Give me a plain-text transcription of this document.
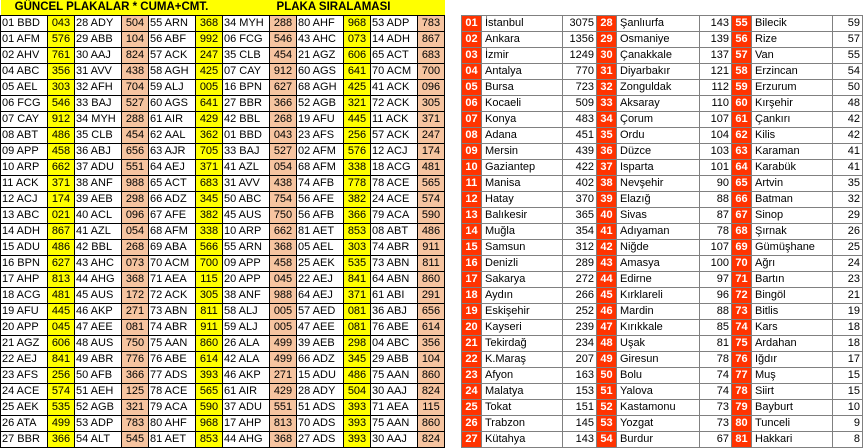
GÜNCEL PLAKALAR * CUMA+CMT.						PLAKA SIRALAMASI					
01 BBD	043	28 ADY	504	55 ARN	368	34 MYH	288	80 AHF	968	53 ADP	783
01 AFM	576	29 ABB	104	56 ABF	992	06 FCG	546	43 AHC	073	14 ADH	867
02 AHV	761	30 AAJ	824	57 ACK	247	35 CLB	454	21 AGZ	606	65 ACT	683
04 ABC	356	31 AVV	438	58 AGH	425	07 CAY	912	60 AGS	641	70 ACM	700
05 AEL	303	32 AFH	704	59 ALJ	005	16 BPN	627	68 AGH	425	41 ACK	096
06 FCG	546	33 BAJ	527	60 AGS	641	27 BBR	366	52 AGB	321	72 ACK	305
07 CAY	912	34 MYH	288	61 AIR	429	42 BBL	268	19 AFU	445	11 ACK	371
08 ABT	486	35 CLB	454	62 AAL	362	01 BBD	043	23 AFS	256	57 ACK	247
09 APP	458	36 ABJ	656	63 AJR	705	33 BAJ	527	02 AFM	576	12 ACJ	174
10 ARP	662	37 ADU	551	64 AEJ	371	41 AZL	054	68 AFM	338	18 ACG	481
11 ACK	371	38 ANF	988	65 ACT	683	31 AVV	438	74 AFB	778	78 ACE	565
12 ACJ	174	39 AEB	298	66 ADZ	345	50 ABC	754	56 AFE	382	24 ACE	574
13 ABC	021	40 ACL	096	67 AFE	382	45 AUS	750	56 AFB	366	79 ACA	590
14 ADH	867	41 AZL	054	68 AFM	338	10 ARP	662	81 AET	853	08 ABT	486
15 ADU	486	42 BBL	268	69 ABA	566	55 ARN	368	05 AEL	303	74 ABR	911
16 BPN	627	43 AHC	073	70 ACM	700	09 APP	458	25 AEK	535	73 ABN	811
17 AHP	813	44 AHG	368	71 AEA	115	20 APP	045	22 AEJ	841	64 ABN	860
18 ACG	481	45 AUS	172	72 ACK	305	38 ANF	988	64 AEJ	371	61 ABI	291
19 AFU	445	46 AKP	271	73 ABN	811	58 ALJ	005	57 AED	081	36 ABJ	656
20 APP	045	47 AEE	081	74 ABR	911	59 ALJ	005	47 AEE	081	76 ABE	614
21 AGZ	606	48 AUS	750	75 AAN	860	26 ALA	499	39 AEB	298	04 ABC	356
22 AEJ	841	49 ABR	776	76 ABE	614	42 ALA	499	66 ADZ	345	29 ABB	104
23 AFS	256	50 AFB	366	77 ADS	393	46 AKP	271	15 ADU	486	75 AAN	860
24 ACE	574	51 AEH	125	78 ACE	565	61 AIR	429	28 ADY	504	30 AAJ	824
25 AEK	535	52 AGB	321	79 ACA	590	37 ADU	551	51 ADS	393	71 AEA	115
26 ATA	499	53 ADP	783	80 AHF	968	17 AHP	813	70 ADS	393	75 AAN	860
27 BBR	366	54 ALT	545	81 AET	853	44 AHG	368	27 ADS	393	30 AAJ	824

01	İstanbul	3075	28	Şanlıurfa	143	55	Bilecik	59
02	Ankara	1356	29	Osmaniye	139	56	Rize	57
03	İzmir	1249	30	Çanakkale	137	57	Van	55
04	Antalya	770	31	Diyarbakır	121	58	Erzincan	54
05	Bursa	723	32	Zonguldak	112	59	Erzurum	50
06	Kocaeli	509	33	Aksaray	110	60	Kırşehir	48
07	Konya	483	34	Çorum	107	61	Çankırı	42
08	Adana	451	35	Ordu	104	62	Kilis	42
09	Mersin	439	36	Düzce	103	63	Karaman	41
10	Gaziantep	422	37	Isparta	101	64	Karabük	41
11	Manisa	402	38	Nevşehir	90	65	Artvin	35
12	Hatay	370	39	Elazığ	88	66	Batman	32
13	Balıkesir	365	40	Sivas	87	67	Sinop	29
14	Muğla	354	41	Adıyaman	78	68	Şırnak	26
15	Samsun	312	42	Niğde	107	69	Gümüşhane	25
16	Denizli	289	43	Amasya	100	70	Ağrı	24
17	Sakarya	272	44	Edirne	97	71	Bartın	23
18	Aydın	266	45	Kırklareli	96	72	Bingöl	21
19	Eskişehir	252	46	Mardin	88	73	Bitlis	19
20	Kayseri	239	47	Kırıkkale	85	74	Kars	18
21	Tekirdağ	234	48	Uşak	81	75	Ardahan	18
22	K.Maraş	207	49	Giresun	78	76	Iğdır	17
23	Afyon	163	50	Bolu	74	77	Muş	15
24	Malatya	153	51	Yalova	74	78	Siirt	15
25	Tokat	151	52	Kastamonu	73	79	Bayburt	10
26	Trabzon	145	53	Yozgat	73	80	Tunceli	9
27	Kütahya	143	54	Burdur	67	81	Hakkari	8
